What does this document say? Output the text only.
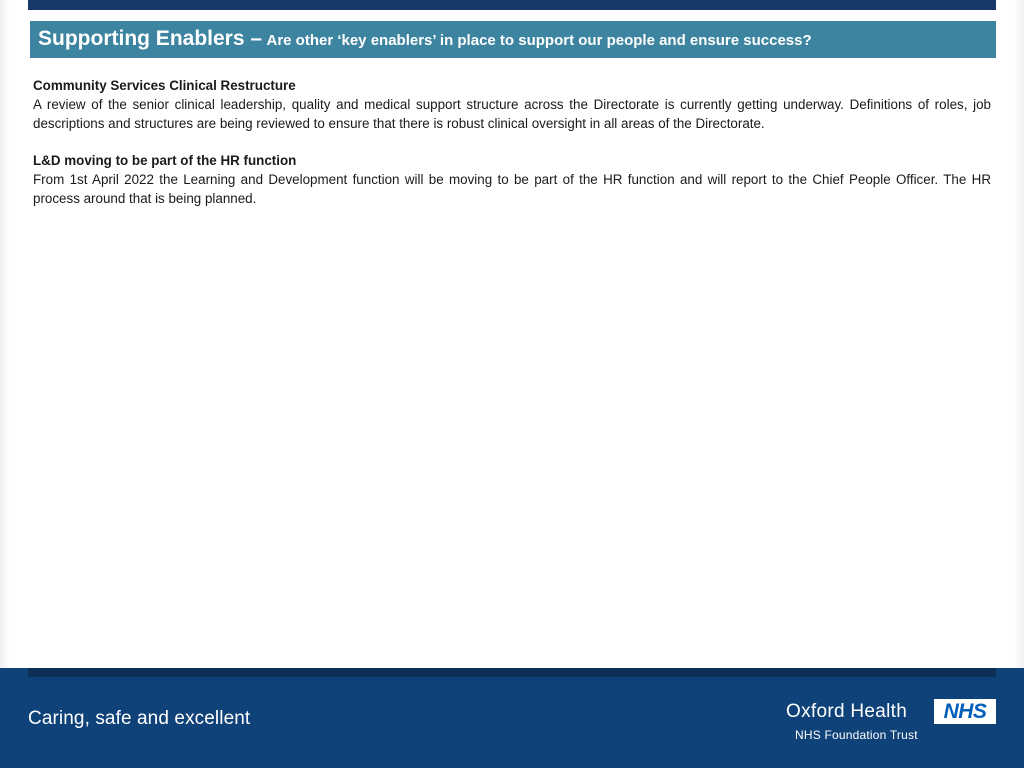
Supporting Enablers – Are other ‘key enablers’ in place to support our people and ensure success?

Community Services Clinical Restructure

A review of the senior clinical leadership, quality and medical support structure across the Directorate is currently getting underway. Definitions of roles, job descriptions and structures are being reviewed to ensure that there is robust clinical oversight in all areas of the Directorate.

L&D moving to be part of the HR function

From 1st April 2022 the Learning and Development function will be moving to be part of the HR function and will report to the Chief People Officer. The HR process around that is being planned.

Caring, safe and excellent	Oxford Health
NHS Foundation Trust
NHS
